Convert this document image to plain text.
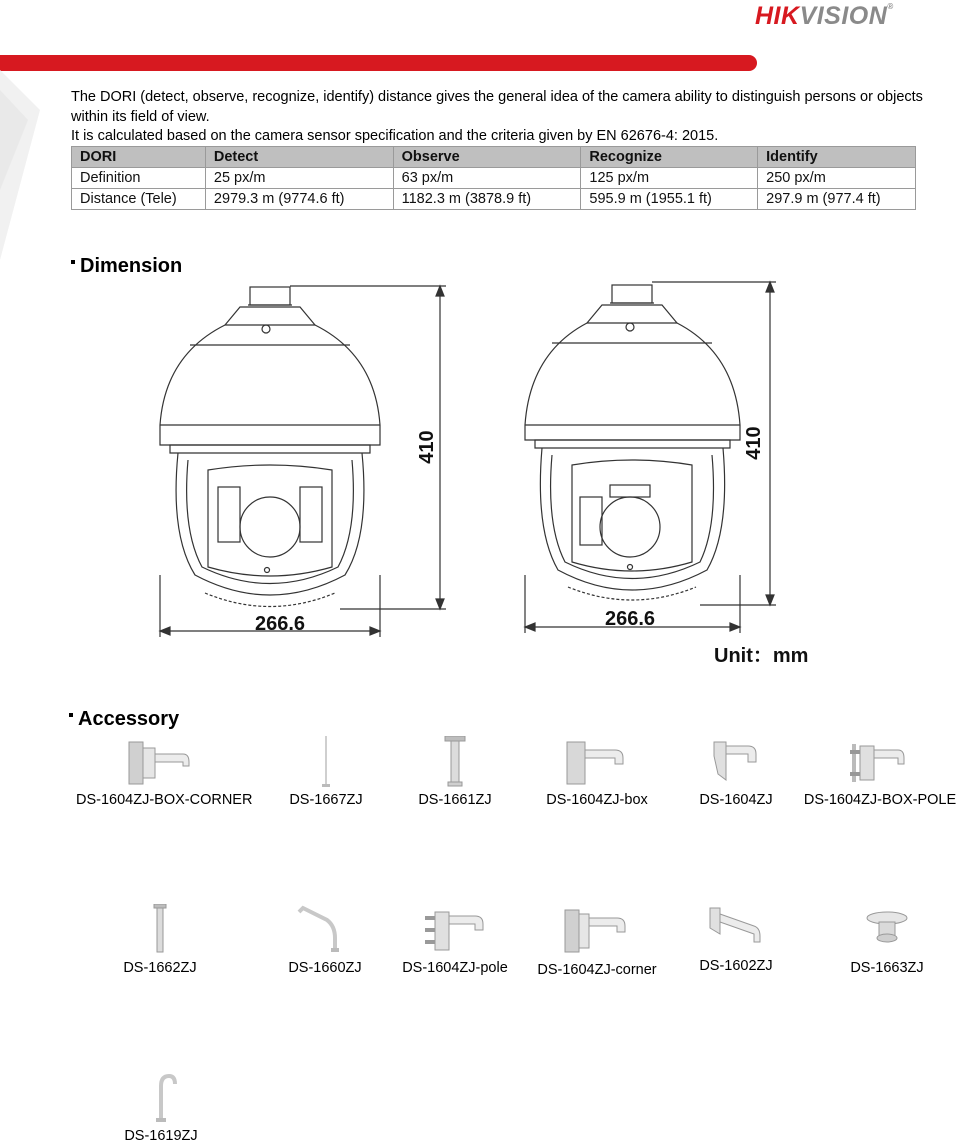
HIKVISION®
The DORI (detect, observe, recognize, identify) distance gives the general idea of the camera ability to distinguish persons or objects within its field of view.
It is calculated based on the camera sensor specification and the criteria given by EN 62676-4: 2015.
DORI	Detect	Observe	Recognize	Identify
Definition	25 px/m	63 px/m	125 px/m	250 px/m
Distance (Tele)	2979.3 m (9774.6 ft)	1182.3 m (3878.9 ft)	595.9 m (1955.1 ft)	297.9 m (977.4 ft)
Dimension
410
266.6
410
266.6
Unit：mm
Accessory
DS-1604ZJ-BOX-CORNER	DS-1667ZJ	DS-1661ZJ	DS-1604ZJ-box	DS-1604ZJ	DS-1604ZJ-BOX-POLE
DS-1662ZJ	DS-1660ZJ	DS-1604ZJ-pole	DS-1604ZJ-corner	DS-1602ZJ	DS-1663ZJ
DS-1619ZJ
